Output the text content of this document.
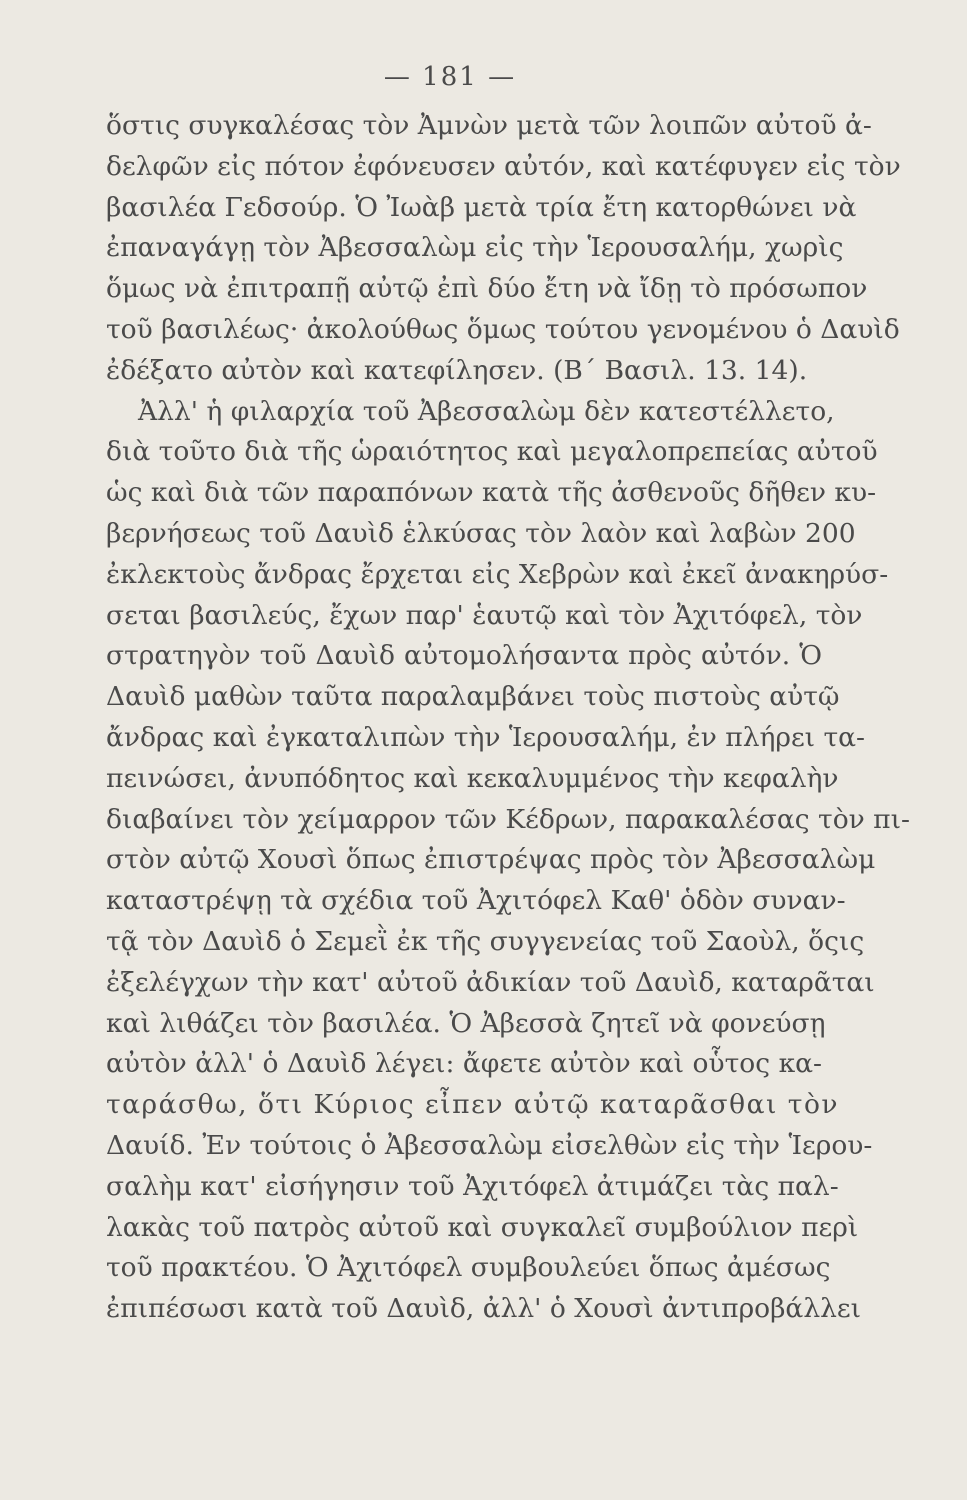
— 181 —
ὅστις συγκαλέσας τὸν Ἀμνὼν μετὰ τῶν λοιπῶν αὐτοῦ ἀ-
δελφῶν εἰς πότον ἐφόνευσεν αὐτόν, καὶ κατέφυγεν εἰς τὸν
βασιλέα Γεδσούρ. Ὁ Ἰωὰβ μετὰ τρία ἔτη κατορθώνει νὰ
ἐπαναγάγῃ τὸν Ἀβεσσαλὼμ εἰς τὴν Ἱερουσαλήμ, χωρὶς
ὅμως νὰ ἐπιτραπῇ αὐτῷ ἐπὶ δύο ἔτη νὰ ἴδῃ τὸ πρόσωπον
τοῦ βασιλέως· ἀκολούθως ὅμως τούτου γενομένου ὁ Δαυὶδ
ἐδέξατο αὐτὸν καὶ κατεφίλησεν. (Β΄ Βασιλ. 13. 14).
Ἀλλ' ἡ φιλαρχία τοῦ Ἀβεσσαλὼμ δὲν κατεστέλλετο,
διὰ τοῦτο διὰ τῆς ὡραιότητος καὶ μεγαλοπρεπείας αὐτοῦ
ὡς καὶ διὰ τῶν παραπόνων κατὰ τῆς ἀσθενοῦς δῆθεν κυ-
βερνήσεως τοῦ Δαυὶδ ἑλκύσας τὸν λαὸν καὶ λαβὼν 200
ἐκλεκτοὺς ἄνδρας ἔρχεται εἰς Χεβρὼν καὶ ἐκεῖ ἀνακηρύσ-
σεται βασιλεύς, ἔχων παρ' ἑαυτῷ καὶ τὸν Ἀχιτόφελ, τὸν
στρατηγὸν τοῦ Δαυὶδ αὐτομολήσαντα πρὸς αὐτόν. Ὁ
Δαυὶδ μαθὼν ταῦτα παραλαμβάνει τοὺς πιστοὺς αὐτῷ
ἄνδρας καὶ ἐγκαταλιπὼν τὴν Ἱερουσαλήμ, ἐν πλήρει τα-
πεινώσει, ἀνυπόδητος καὶ κεκαλυμμένος τὴν κεφαλὴν
διαβαίνει τὸν χείμαρρον τῶν Κέδρων, παρακαλέσας τὸν πι-
στὸν αὐτῷ Χουσὶ ὅπως ἐπιστρέψας πρὸς τὸν Ἀβεσσαλὼμ
καταστρέψῃ τὰ σχέδια τοῦ Ἀχιτόφελ Καθ' ὁδὸν συναν-
τᾷ τὸν Δαυὶδ ὁ Σεμεῒ ἐκ τῆς συγγενείας τοῦ Σαοὺλ, ὅςις
ἐξελέγχων τὴν κατ' αὐτοῦ ἀδικίαν τοῦ Δαυὶδ, καταρᾶται
καὶ λιθάζει τὸν βασιλέα. Ὁ Ἀβεσσὰ ζητεῖ νὰ φονεύσῃ
αὐτὸν ἀλλ' ὁ Δαυὶδ λέγει: ἄφετε αὐτὸν καὶ οὗτος κα-
ταράσθω, ὅτι Κύριος εἶπεν αὐτῷ καταρᾶσθαι τὸν
Δαυίδ. Ἐν τούτοις ὁ Ἀβεσσαλὼμ εἰσελθὼν εἰς τὴν Ἱερου-
σαλὴμ κατ' εἰσήγησιν τοῦ Ἀχιτόφελ ἀτιμάζει τὰς παλ-
λακὰς τοῦ πατρὸς αὐτοῦ καὶ συγκαλεῖ συμβούλιον περὶ
τοῦ πρακτέου. Ὁ Ἀχιτόφελ συμβουλεύει ὅπως ἀμέσως
ἐπιπέσωσι κατὰ τοῦ Δαυὶδ, ἀλλ' ὁ Χουσὶ ἀντιπροβάλλει
